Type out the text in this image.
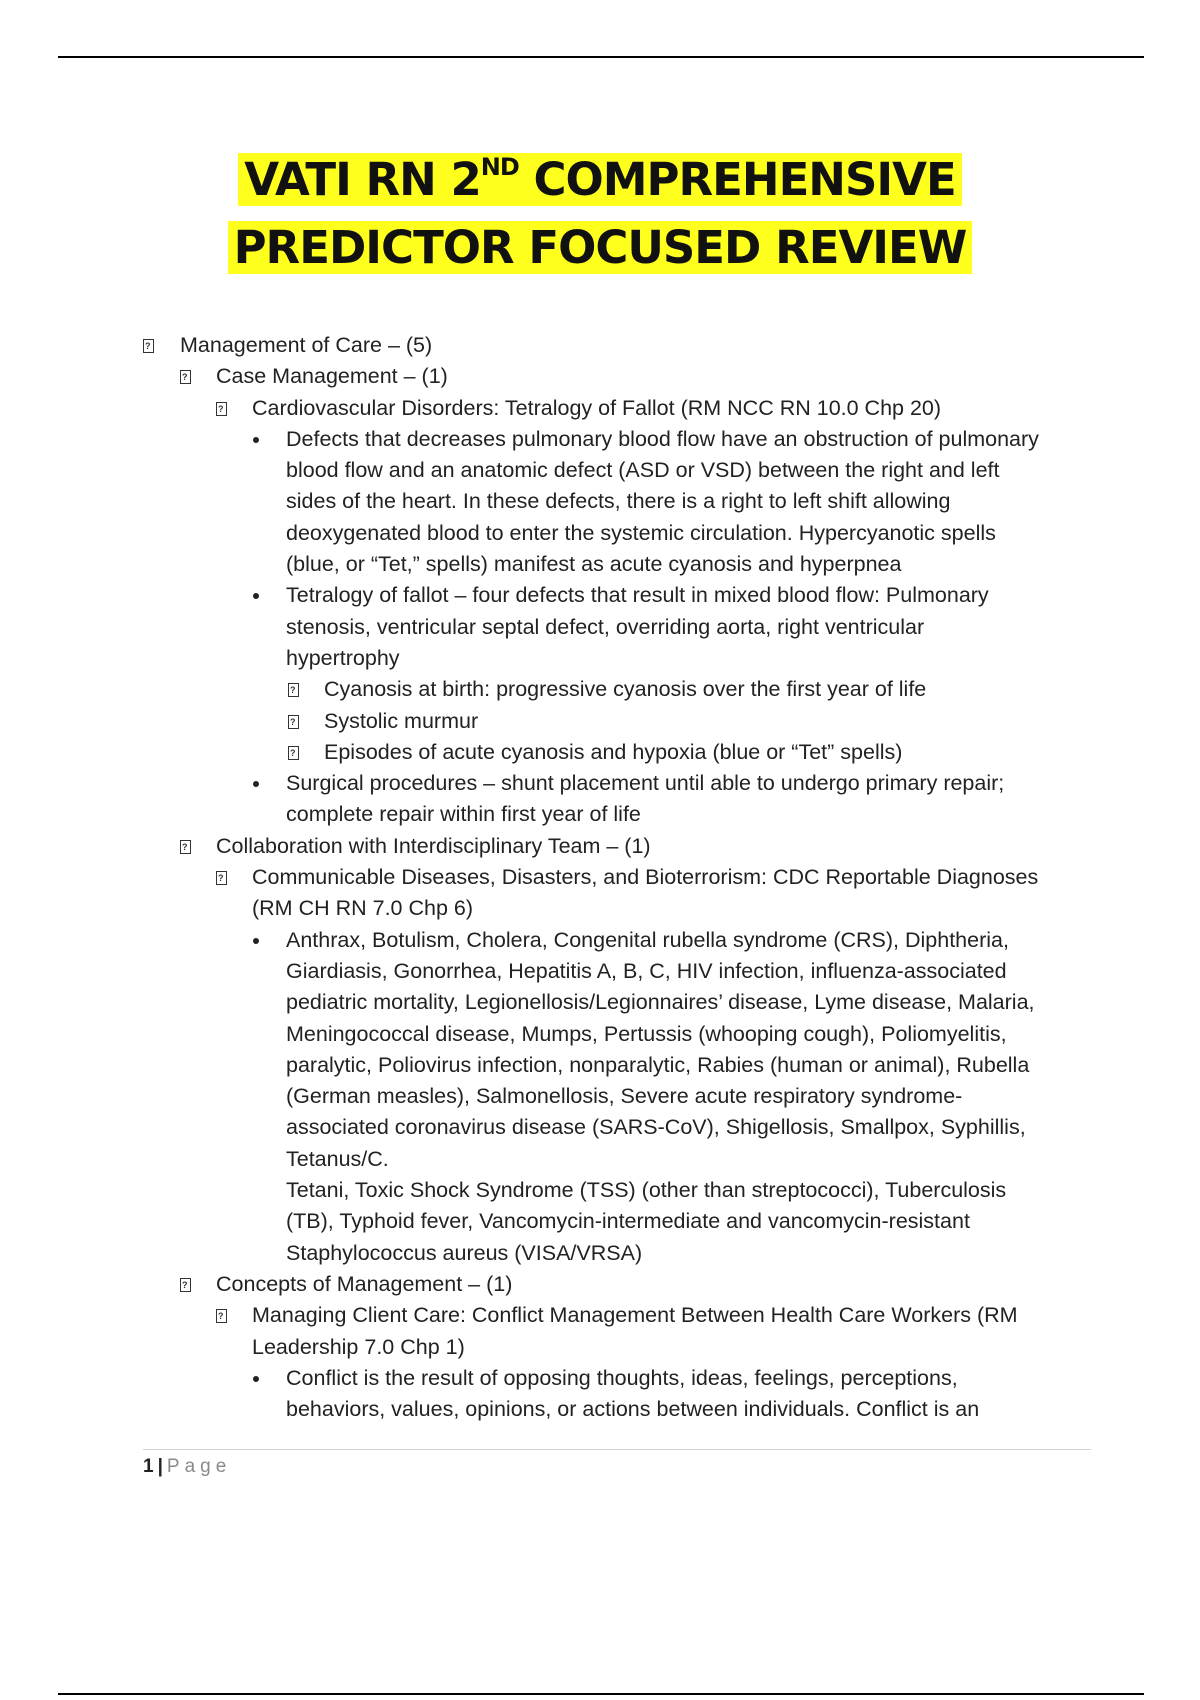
VATI RN 2ND COMPREHENSIVE
PREDICTOR FOCUSED REVIEW
?
Management of Care – (5)
?
Case Management – (1)
?
Cardiovascular Disorders: Tetralogy of Fallot (RM NCC RN 10.0 Chp 20)
Defects that decreases pulmonary blood flow have an obstruction of pulmonary
blood flow and an anatomic defect (ASD or VSD) between the right and left
sides of the heart. In these defects, there is a right to left shift allowing
deoxygenated blood to enter the systemic circulation. Hypercyanotic spells
(blue, or “Tet,” spells) manifest as acute cyanosis and hyperpnea
Tetralogy of fallot – four defects that result in mixed blood flow: Pulmonary
stenosis, ventricular septal defect, overriding aorta, right ventricular
hypertrophy
?
Cyanosis at birth: progressive cyanosis over the first year of life
?
Systolic murmur
?
Episodes of acute cyanosis and hypoxia (blue or “Tet” spells)
Surgical procedures – shunt placement until able to undergo primary repair;
complete repair within first year of life
?
Collaboration with Interdisciplinary Team – (1)
?
Communicable Diseases, Disasters, and Bioterrorism: CDC Reportable Diagnoses
(RM CH RN 7.0 Chp 6)
Anthrax, Botulism, Cholera, Congenital rubella syndrome (CRS), Diphtheria,
Giardiasis, Gonorrhea, Hepatitis A, B, C, HIV infection, influenza-associated
pediatric mortality, Legionellosis/Legionnaires’ disease, Lyme disease, Malaria,
Meningococcal disease, Mumps, Pertussis (whooping cough), Poliomyelitis,
paralytic, Poliovirus infection, nonparalytic, Rabies (human or animal), Rubella
(German measles), Salmonellosis, Severe acute respiratory syndrome-
associated coronavirus disease (SARS-CoV), Shigellosis, Smallpox, Syphillis,
Tetanus/C.
Tetani, Toxic Shock Syndrome (TSS) (other than streptococci), Tuberculosis
(TB), Typhoid fever, Vancomycin-intermediate and vancomycin-resistant
Staphylococcus aureus (VISA/VRSA)
?
Concepts of Management – (1)
?
Managing Client Care: Conflict Management Between Health Care Workers (RM
Leadership 7.0 Chp 1)
Conflict is the result of opposing thoughts, ideas, feelings, perceptions,
behaviors, values, opinions, or actions between individuals. Conflict is an
1 | Page
